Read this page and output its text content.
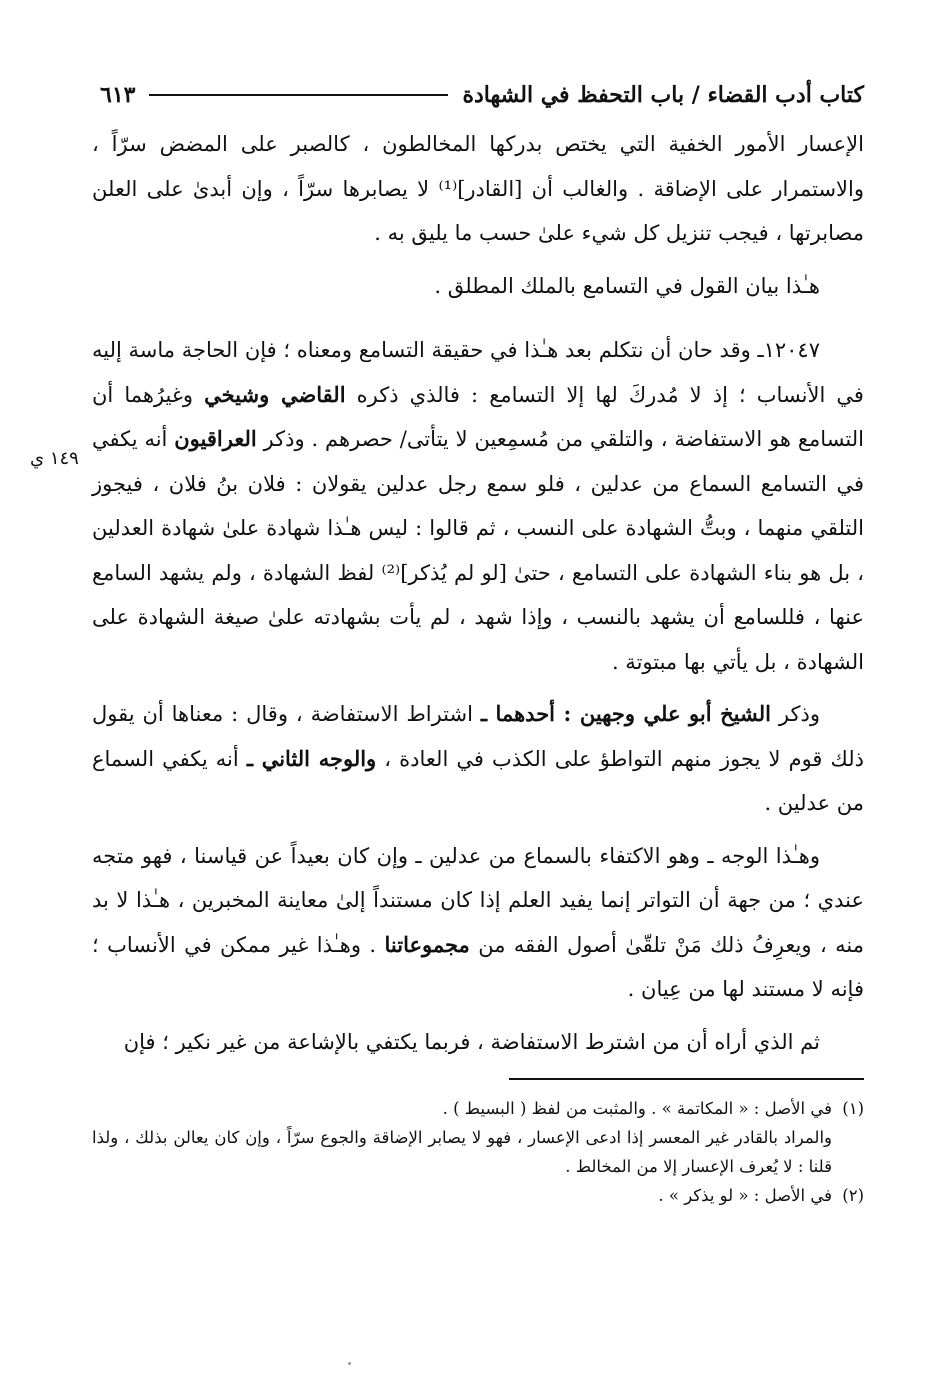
١٤٩ ي
كتاب أدب القضاء / باب التحفظ في الشهادة
٦١٣

الإعسار الأمور الخفية التي يختص بدركها المخالطون ، كالصبر على المضض سرّاً ، والاستمرار على الإضاقة . والغالب أن [القادر]⁽¹⁾ لا يصابرها سرّاً ، وإن أبدىٰ على العلن مصابرتها ، فيجب تنزيل كل شيء علىٰ حسب ما يليق به .

هـٰذا بيان القول في التسامع بالملك المطلق .

١٢٠٤٧ـ وقد حان أن نتكلم بعد هـٰذا في حقيقة التسامع ومعناه ؛ فإن الحاجة ماسة إليه في الأنساب ؛ إذ لا مُدركَ لها إلا التسامع : فالذي ذكره القاضي وشيخي وغيرُهما أن التسامع هو الاستفاضة ، والتلقي من مُسمِعين لا يتأتى/ حصرهم . وذكر العراقيون أنه يكفي في التسامع السماع من عدلين ، فلو سمع رجل عدلين يقولان : فلان بنُ فلان ، فيجوز التلقي منهما ، وبتُّ الشهادة على النسب ، ثم قالوا : ليس هـٰذا شهادة علىٰ شهادة العدلين ، بل هو بناء الشهادة على التسامع ، حتىٰ [لو لم يُذكر]⁽²⁾ لفظ الشهادة ، ولم يشهد السامع عنها ، فللسامع أن يشهد بالنسب ، وإذا شهد ، لم يأت بشهادته علىٰ صيغة الشهادة على الشهادة ، بل يأتي بها مبتوتة .

وذكر الشيخ أبو علي وجهين : أحدهما ـ اشتراط الاستفاضة ، وقال : معناها أن يقول ذلك قوم لا يجوز منهم التواطؤ على الكذب في العادة ، والوجه الثاني ـ أنه يكفي السماع من عدلين .

وهـٰذا الوجه ـ وهو الاكتفاء بالسماع من عدلين ـ وإن كان بعيداً عن قياسنا ، فهو متجه عندي ؛ من جهة أن التواتر إنما يفيد العلم إذا كان مستنداً إلىٰ معاينة المخبرين ، هـٰذا لا بد منه ، ويعرِفُ ذلك مَنْ تلقّىٰ أصول الفقه من مجموعاتنا . وهـٰذا غير ممكن في الأنساب ؛ فإنه لا مستند لها من عِيان .

ثم الذي أراه أن من اشترط الاستفاضة ، فربما يكتفي بالإشاعة من غير نكير ؛ فإن

(١)
في الأصل : « المكاتمة » . والمثبت من لفظ ( البسيط ) .

والمراد بالقادر غير المعسر إذا ادعى الإعسار ، فهو لا يصابر الإضاقة والجوع سرّاً ، وإن كان يعالن بذلك ، ولذا قلنا : لا يُعرف الإعسار إلا من المخالط .

(٢)
في الأصل : « لو يذكر » .
